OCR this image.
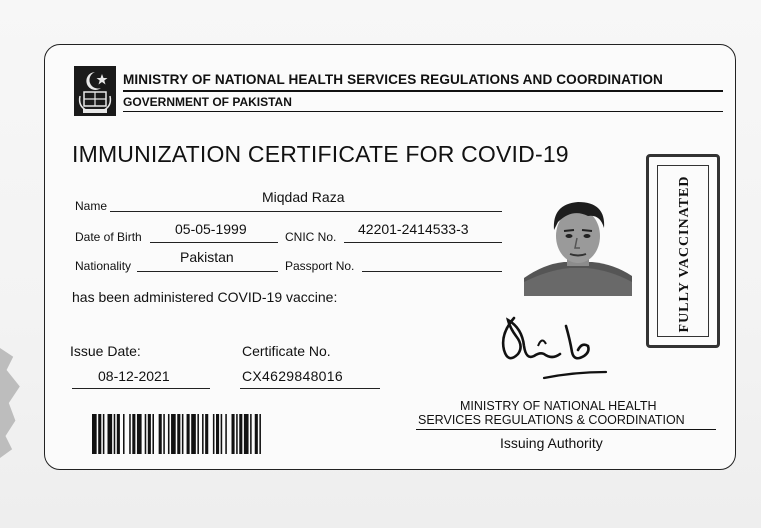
MINISTRY OF NATIONAL HEALTH SERVICES REGULATIONS AND COORDINATION
GOVERNMENT OF PAKISTAN
IMMUNIZATION CERTIFICATE FOR COVID-19
Name
Miqdad Raza
Date of Birth 05-05-1999	CNIC No. 42201-2414533-3
Nationality
Pakistan
Passport No.
has been administered COVID-19 vaccine:
Issue Date:	Certificate No.
08-12-2021	CX4629848016
FULLY VACCINATED
MINISTRY OF NATIONAL HEALTH
SERVICES REGULATIONS & COORDINATION
Issuing Authority
